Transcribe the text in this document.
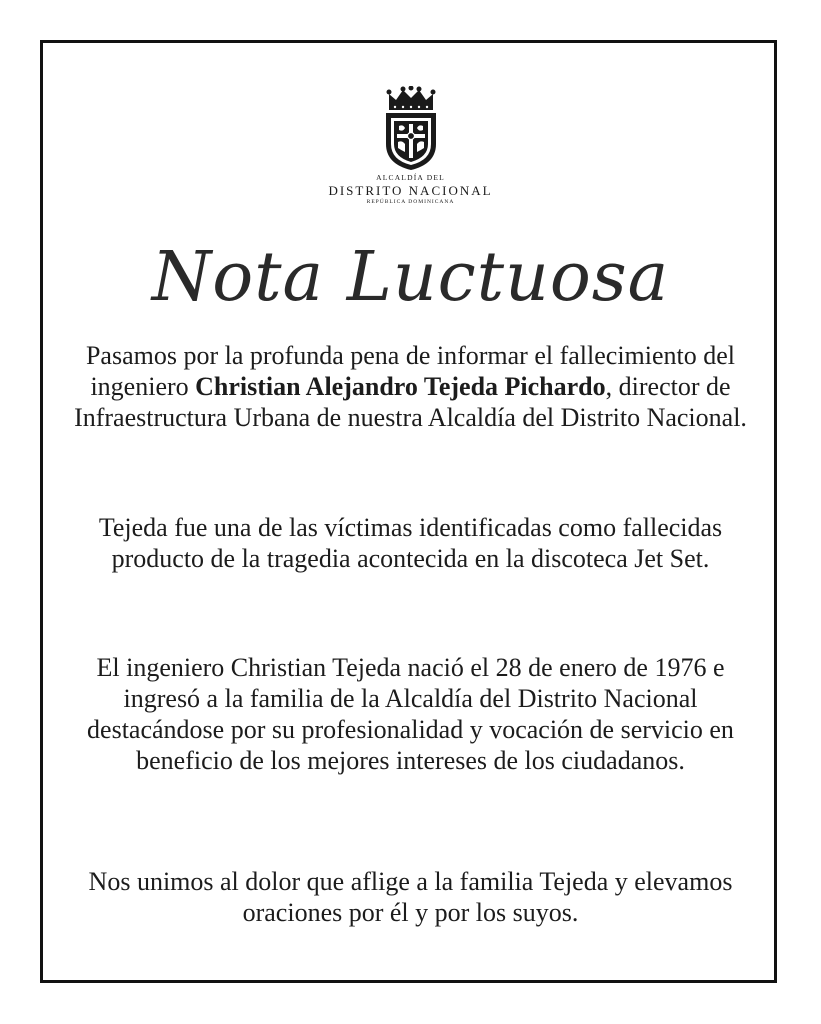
ALCALDÍA DEL
DISTRITO NACIONAL
REPÚBLICA DOMINICANA
Nota Luctuosa

Pasamos por la profunda pena de informar el fallecimiento del ingeniero Christian Alejandro Tejeda Pichardo, director de Infraestructura Urbana de nuestra Alcaldía del Distrito Nacional.

Tejeda fue una de las víctimas identificadas como fallecidas producto de la tragedia acontecida en la discoteca Jet Set.

El ingeniero Christian Tejeda nació el 28 de enero de 1976 e ingresó a la familia de la Alcaldía del Distrito Nacional destacándose por su profesionalidad y vocación de servicio en beneficio de los mejores intereses de los ciudadanos.

Nos unimos al dolor que aflige a la familia Tejeda y elevamos oraciones por él y por los suyos.
